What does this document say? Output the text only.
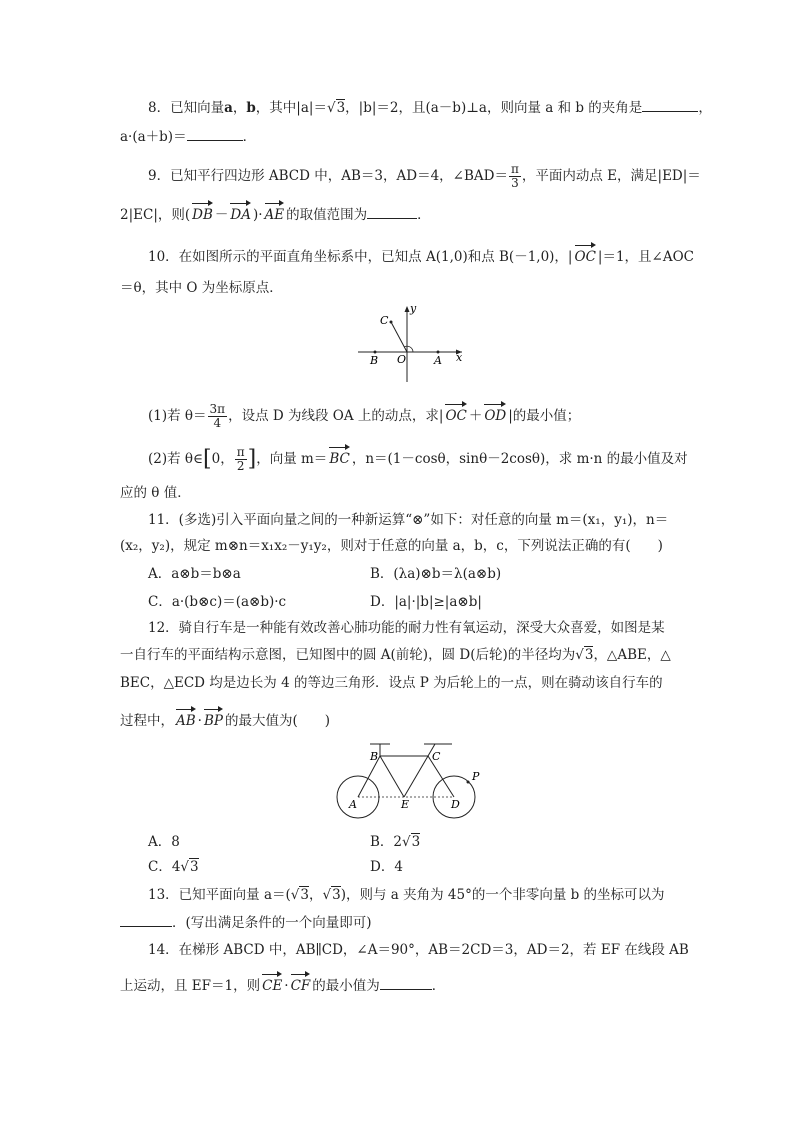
8．已知向量a，b，其中|a|＝√3，|b|＝2，且(a－b)⊥a，则向量 a 和 b 的夹角是	，
a·(a＋b)＝	．
9．已知平行四边形 ABCD 中，AB＝3，AD＝4，∠BAD＝ $\frac{\pi}{3}$ ，平面内动点 E，满足|ED|＝
2|EC|，则( DB － DA )· AE 的取值范围为	．
10．在如图所示的平面直角坐标系中，已知点 A(1,0)和点 B(－1,0)，| OC |＝1，且∠AOC
＝θ，其中 O 为坐标原点．
C
y
B O	A x
(1)若 $\theta= \frac{3\pi}{4}$ ，设点 D 为线段 OA 上的动点，求| OC ＋ OD |的最小值；
(2)若 θ∈[0， $\frac{\pi}{2}$ ]，向量 m＝ BC ，n＝(1－cosθ，sinθ－2cosθ)，求 m·n 的最小值及对
应的 θ 值．
11．(多选)引入平面向量之间的一种新运算“⊗”如下：对任意的向量 m＝(x₁，y₁)，n＝
(x₂，y₂)，规定 m⊗n＝x₁x₂－y₁y₂，则对于任意的向量 a，b，c，下列说法正确的有(　　)
A．a⊗b＝b⊗a	B．(λa)⊗b＝λ(a⊗b)
C．a·(b⊗c)＝(a⊗b)·c	D．|a|·|b|≥|a⊗b|
12．骑自行车是一种能有效改善心肺功能的耐力性有氧运动，深受大众喜爱，如图是某
一自行车的平面结构示意图，已知图中的圆 A(前轮)，圆 D(后轮)的半径均为√3，△ABE，△
BEC，△ECD 均是边长为 4 的等边三角形．设点 P 为后轮上的一点，则在骑动该自行车的
过程中， AB · BP 的最大值为(　　)
B	C
P
A	E	D
A．8	B．2√3
C．4√3	D．4
13．已知平面向量 a＝(√3，√3)，则与 a 夹角为 45°的一个非零向量 b 的坐标可以为
．(写出满足条件的一个向量即可)
14．在梯形 ABCD 中，AB∥CD，∠A＝90°，AB＝2CD＝3，AD＝2，若 EF 在线段 AB
上运动，且 EF＝1，则 CE · CF 的最小值为	．
